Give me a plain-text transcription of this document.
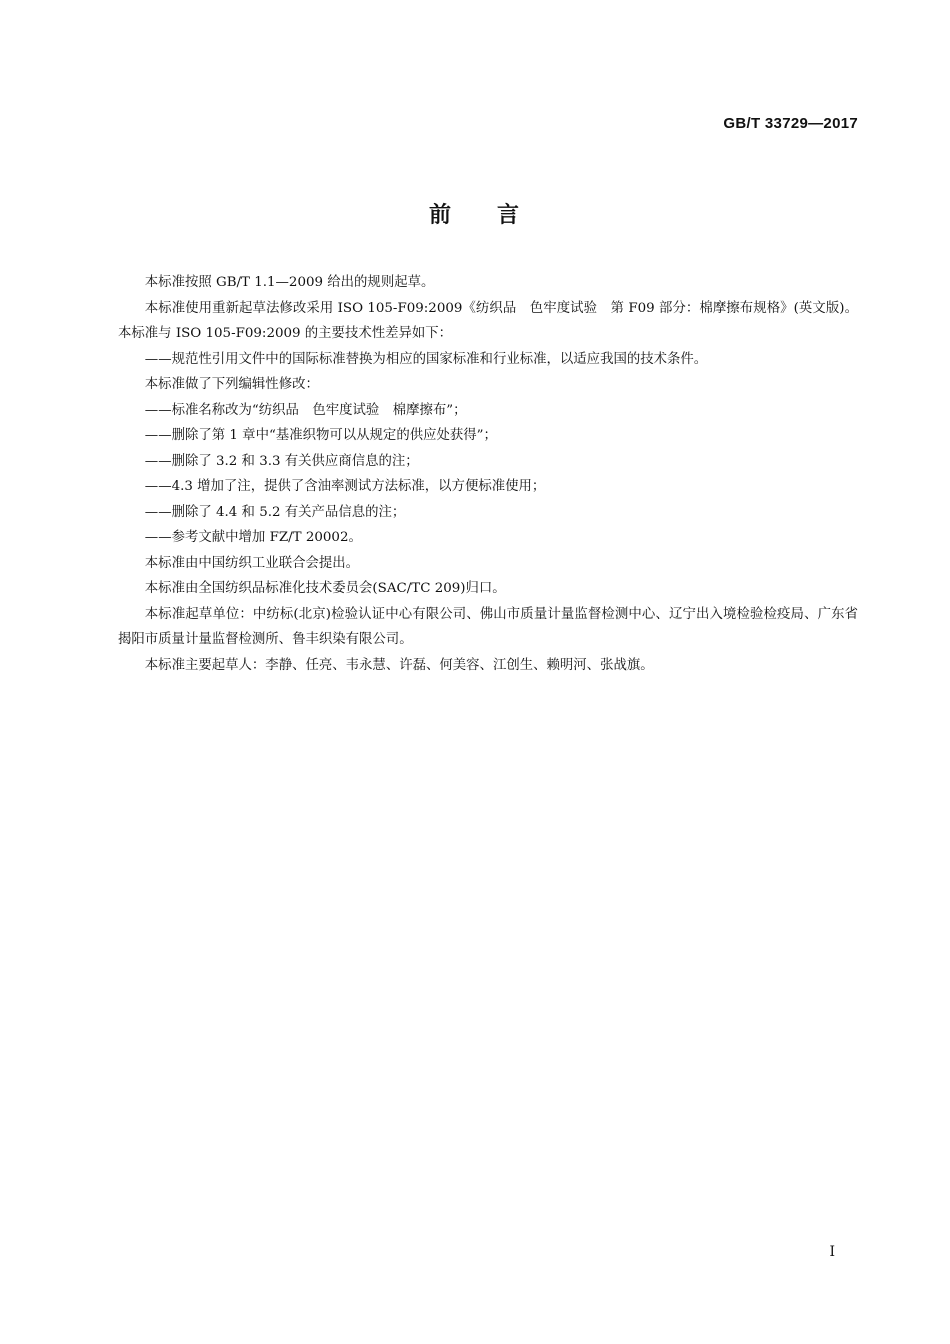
GB/T 33729—2017
前 言

本标准按照 GB/T 1.1—2009 给出的规则起草。

本标准使用重新起草法修改采用 ISO 105-F09:2009《纺织品　色牢度试验　第 F09 部分：棉摩擦布规格》(英文版)。本标准与 ISO 105-F09:2009 的主要技术性差异如下：

——规范性引用文件中的国际标准替换为相应的国家标准和行业标准，以适应我国的技术条件。

本标准做了下列编辑性修改：

——标准名称改为“纺织品　色牢度试验　棉摩擦布”；

——删除了第 1 章中“基准织物可以从规定的供应处获得”；

——删除了 3.2 和 3.3 有关供应商信息的注；

——4.3 增加了注，提供了含油率测试方法标准，以方便标准使用；

——删除了 4.4 和 5.2 有关产品信息的注；

——参考文献中增加 FZ/T 20002。

本标准由中国纺织工业联合会提出。

本标准由全国纺织品标准化技术委员会(SAC/TC 209)归口。

本标准起草单位：中纺标(北京)检验认证中心有限公司、佛山市质量计量监督检测中心、辽宁出入境检验检疫局、广东省揭阳市质量计量监督检测所、鲁丰织染有限公司。

本标准主要起草人：李静、任亮、韦永慧、许磊、何美容、江创生、赖明河、张战旗。

I
